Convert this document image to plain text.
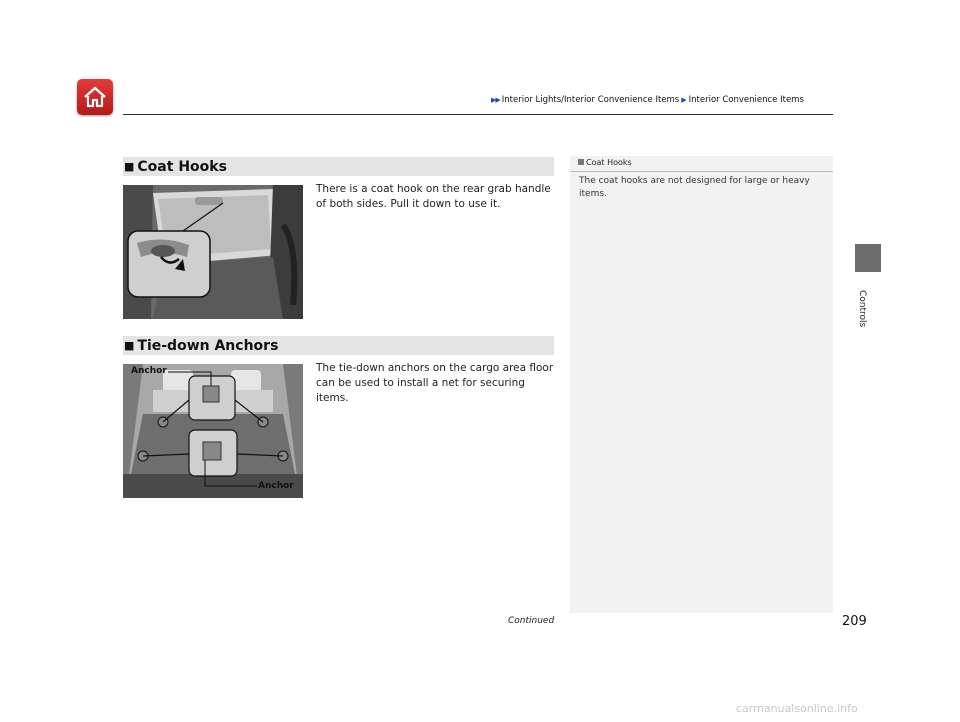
▶▶ Interior Lights/Interior Convenience Items ▶ Interior Convenience Items
Controls
■ Coat Hooks
There is a coat hook on the rear grab handle of both sides. Pull it down to use it.
■ Tie-down Anchors
Anchor
Anchor
The tie-down anchors on the cargo area floor can be used to install a net for securing items.
Coat Hooks
The coat hooks are not designed for large or heavy items.
Continued	209
carmanualsonline.info
